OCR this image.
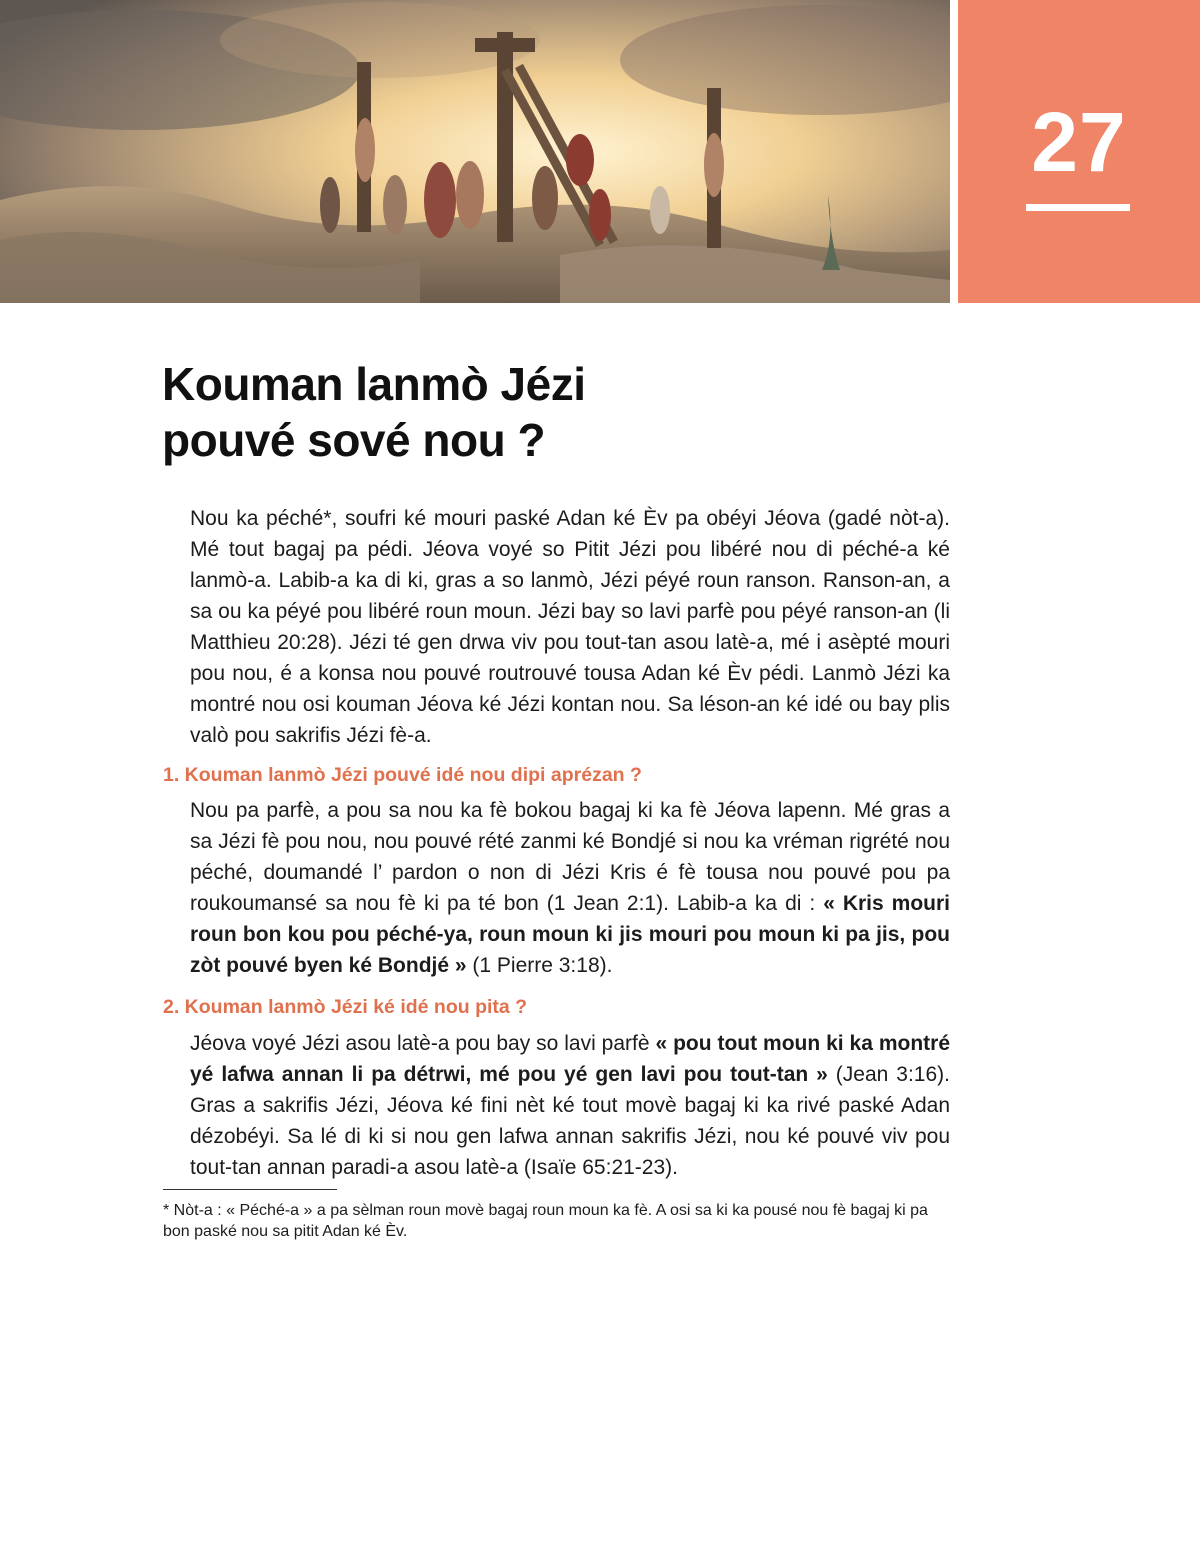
27
Kouman lanmò Jézi
pouvé sové nou ?

Nou ka péché*, soufri ké mouri paské Adan ké Èv pa obéyi Jéova (gadé nòt-a). Mé tout bagaj pa pédi. Jéova voyé so Pitit Jézi pou libéré nou di péché-a ké lanmò-a. Labib-a ka di ki, gras a so lanmò, Jézi péyé roun ranson. Ranson-an, a sa ou ka péyé pou libéré roun moun. Jézi bay so lavi parfè pou péyé ranson-an (li Matthieu 20:28). Jézi té gen drwa viv pou tout-tan asou latè-a, mé i asèpté mouri pou nou, é a konsa nou pouvé routrouvé tousa Adan ké Èv pédi. Lanmò Jézi ka montré nou osi kouman Jéova ké Jézi kontan nou. Sa léson-an ké idé ou bay plis valò pou sakrifis Jézi fè-a.

1. Kouman lanmò Jézi pouvé idé nou dipi aprézan ?

Nou pa parfè, a pou sa nou ka fè bokou bagaj ki ka fè Jéova lapenn. Mé gras a sa Jézi fè pou nou, nou pouvé rété zanmi ké Bondjé si nou ka vréman rigrété nou péché, doumandé l’ pardon o non di Jézi Kris é fè tousa nou pouvé pou pa roukoumansé sa nou fè ki pa té bon (1 Jean 2:1). Labib-a ka di : « Kris mouri roun bon kou pou péché-ya, roun moun ki jis mouri pou moun ki pa jis, pou zòt pouvé byen ké Bondjé » (1 Pierre 3:18).

2. Kouman lanmò Jézi ké idé nou pita ?

Jéova voyé Jézi asou latè-a pou bay so lavi parfè « pou tout moun ki ka montré yé lafwa annan li pa détrwi, mé pou yé gen lavi pou tout-tan » (Jean 3:16). Gras a sakrifis Jézi, Jéova ké fini nèt ké tout movè bagaj ki ka rivé paské Adan dézobéyi. Sa lé di ki si nou gen lafwa annan sakrifis Jézi, nou ké pouvé viv pou tout-tan annan paradi-a asou latè-a (Isaïe 65:21-23).

* Nòt-a : « Péché-a » a pa sèlman roun movè bagaj roun moun ka fè. A osi sa ki ka pousé nou fè bagaj ki pa bon paské nou sa pitit Adan ké Èv.
